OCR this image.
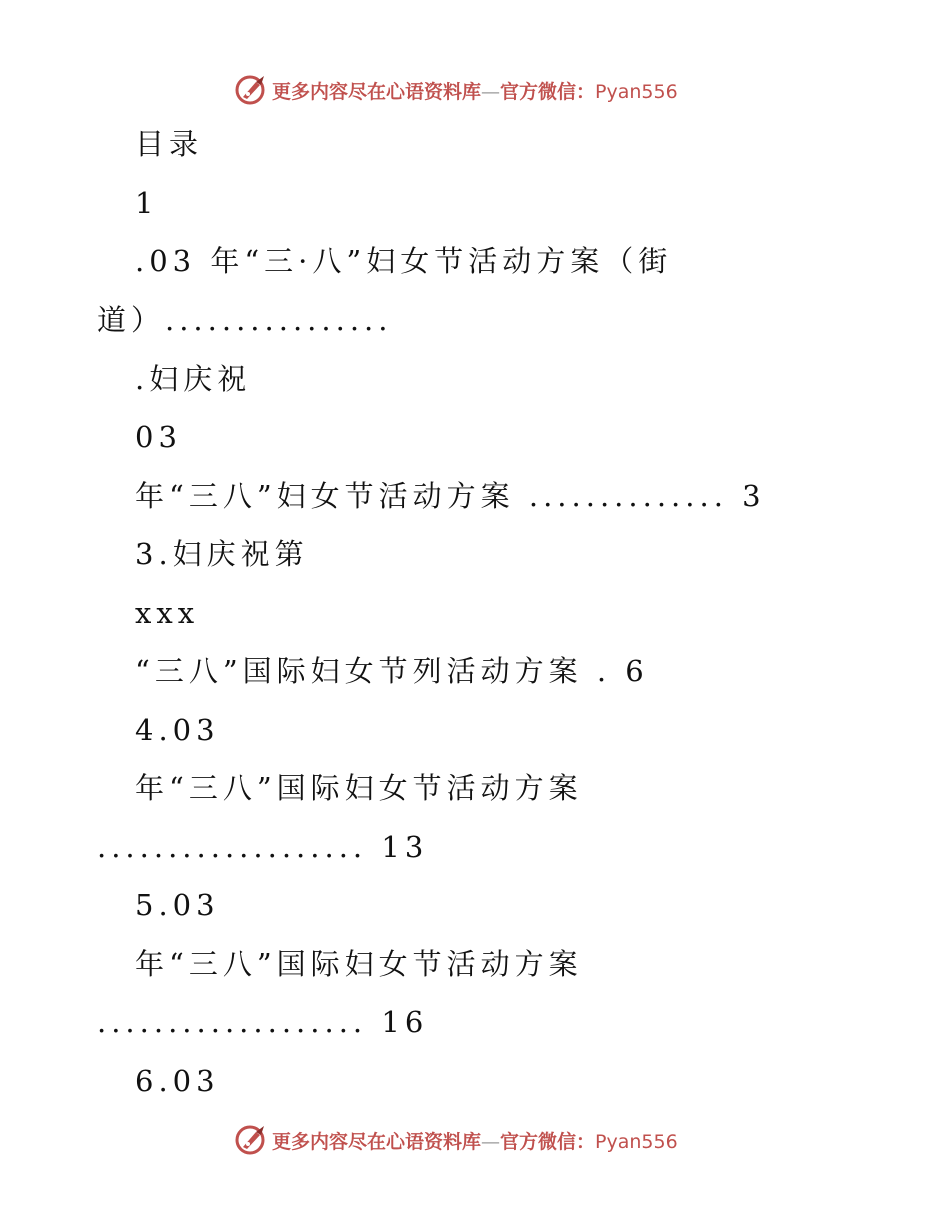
更多内容尽在心语资料库—官方微信：Pyan556
目录
1
.03 年“三·八”妇女节活动方案（街
道）................
.妇庆祝
03
年“三八”妇女节活动方案 .............. 3
3.妇庆祝第
xxx
“三八”国际妇女节列活动方案 . 6
4.03
年“三八”国际妇女节活动方案
................... 13
5.03
年“三八”国际妇女节活动方案
................... 16
6.03
更多内容尽在心语资料库—官方微信：Pyan556
